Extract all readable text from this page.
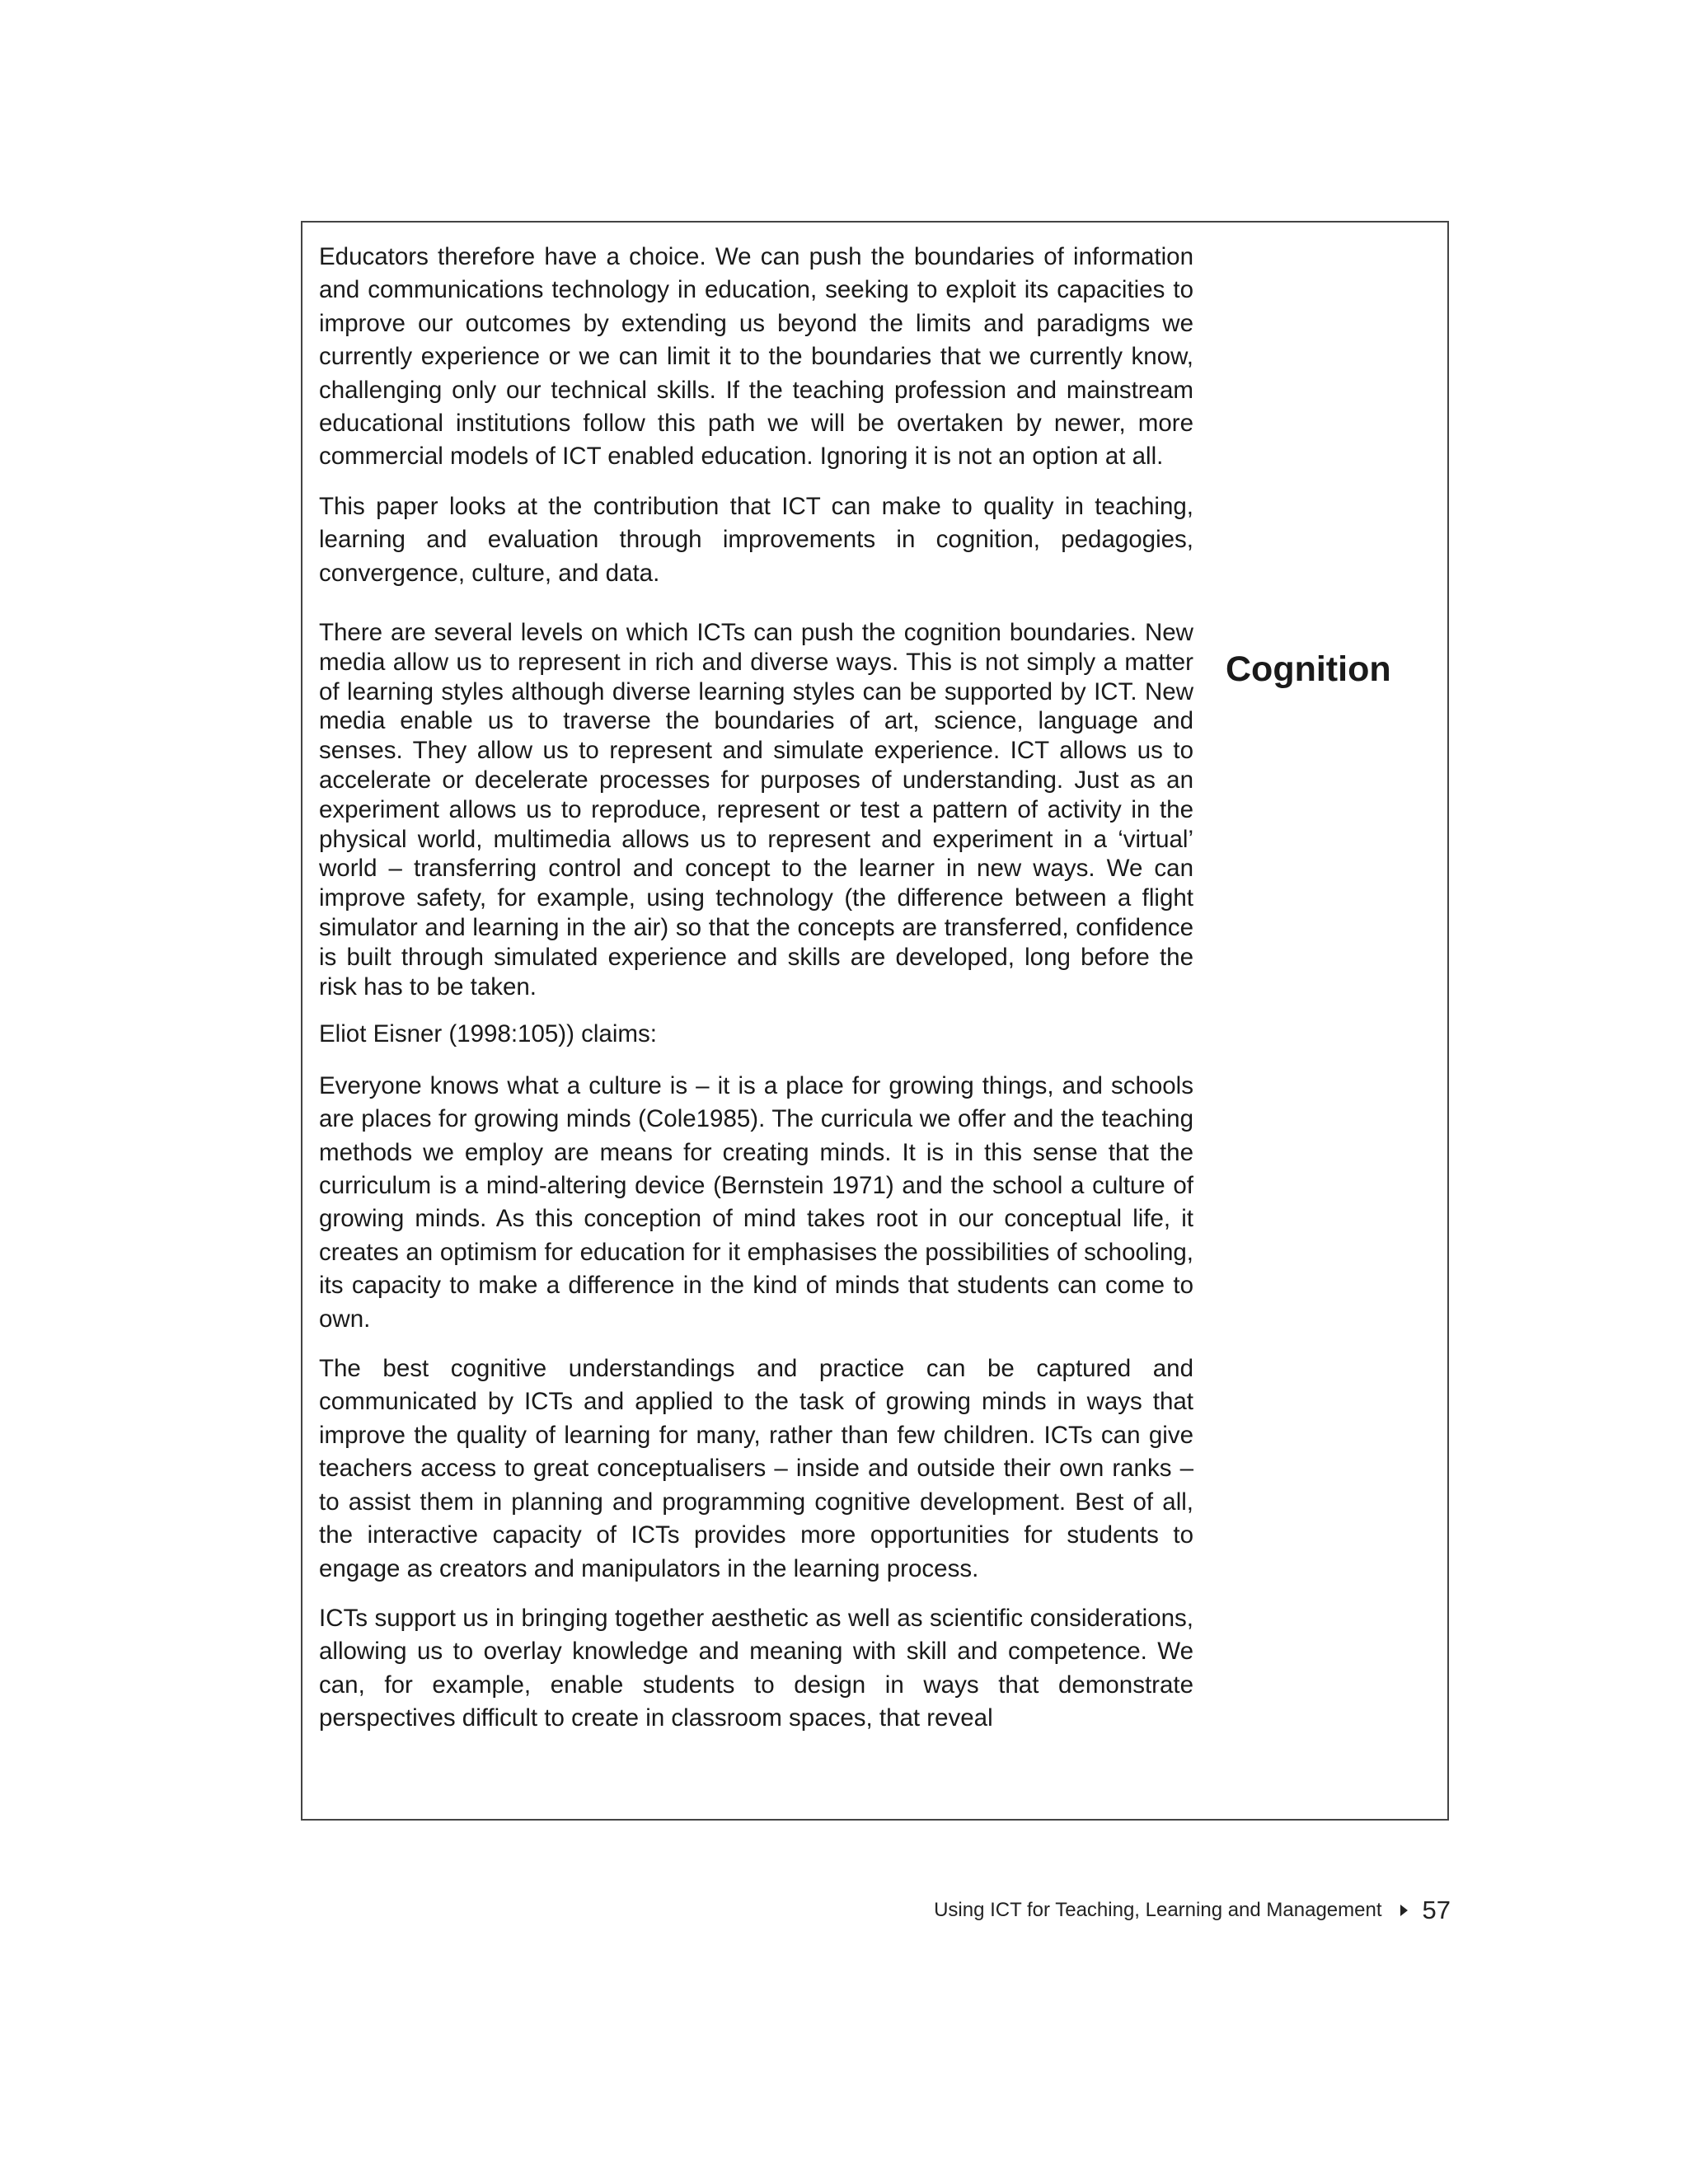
Educators therefore have a choice. We can push the boundaries of information and communications technology in education, seeking to exploit its capacities to improve our outcomes by extending us beyond the limits and paradigms we currently experience or we can limit it to the boundaries that we currently know, challenging only our technical skills. If the teaching profession and mainstream educational institutions follow this path we will be overtaken by newer, more commercial models of ICT enabled education. Ignoring it is not an option at all.

This paper looks at the contribution that ICT can make to quality in teaching, learning and evaluation through improvements in cognition, pedagogies, convergence, culture, and data.

There are several levels on which ICTs can push the cognition boundaries. New media allow us to represent in rich and diverse ways. This is not simply a matter of learning styles although diverse learning styles can be supported by ICT. New media enable us to traverse the boundaries of art, science, language and senses. They allow us to represent and simulate experience. ICT allows us to accelerate or decelerate processes for purposes of understanding. Just as an experiment allows us to reproduce, represent or test a pattern of activity in the physical world, multimedia allows us to represent and experiment in a ‘virtual’ world – transferring control and concept to the learner in new ways. We can improve safety, for example, using technology (the difference between a flight simulator and learning in the air) so that the concepts are transferred, confidence is built through simulated experience and skills are developed, long before the risk has to be taken.

Eliot Eisner (1998:105)) claims:

Everyone knows what a culture is – it is a place for growing things, and schools are places for growing minds (Cole1985). The curricula we offer and the teaching methods we employ are means for creating minds. It is in this sense that the curriculum is a mind-altering device (Bernstein 1971) and the school a culture of growing minds. As this conception of mind takes root in our conceptual life, it creates an optimism for education for it emphasises the possibilities of schooling, its capacity to make a difference in the kind of minds that students can come to own.

The best cognitive understandings and practice can be captured and communicated by ICTs and applied to the task of growing minds in ways that improve the quality of learning for many, rather than few children. ICTs can give teachers access to great conceptualisers – inside and outside their own ranks – to assist them in planning and programming cognitive development. Best of all, the interactive capacity of ICTs provides more opportunities for students to engage as creators and manipulators in the learning process.

ICTs support us in bringing together aesthetic as well as scientific considerations, allowing us to overlay knowledge and meaning with skill and competence. We can, for example, enable students to design in ways that demonstrate perspectives difficult to create in classroom spaces, that reveal

Cognition
Using ICT for Teaching, Learning and Management 57
